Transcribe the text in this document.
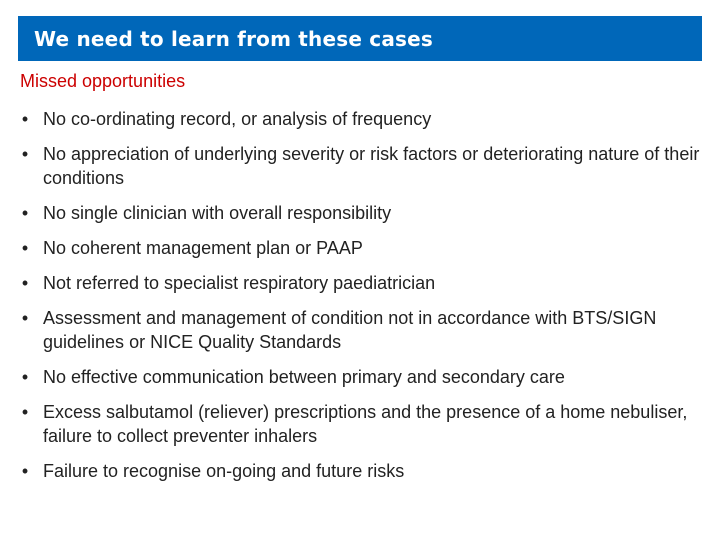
We need to learn from these cases
Missed opportunities
• No co-ordinating record, or analysis of frequency
• No appreciation of underlying severity or risk factors or deteriorating nature of their conditions
• No single clinician with overall responsibility
• No coherent management plan or PAAP
• Not referred to specialist respiratory paediatrician
• Assessment and management of condition not in accordance with BTS/SIGN guidelines or NICE Quality Standards
• No effective communication between primary and secondary care
• Excess salbutamol (reliever) prescriptions and the presence of a home nebuliser, failure to collect preventer inhalers
• Failure to recognise on-going and future risks
